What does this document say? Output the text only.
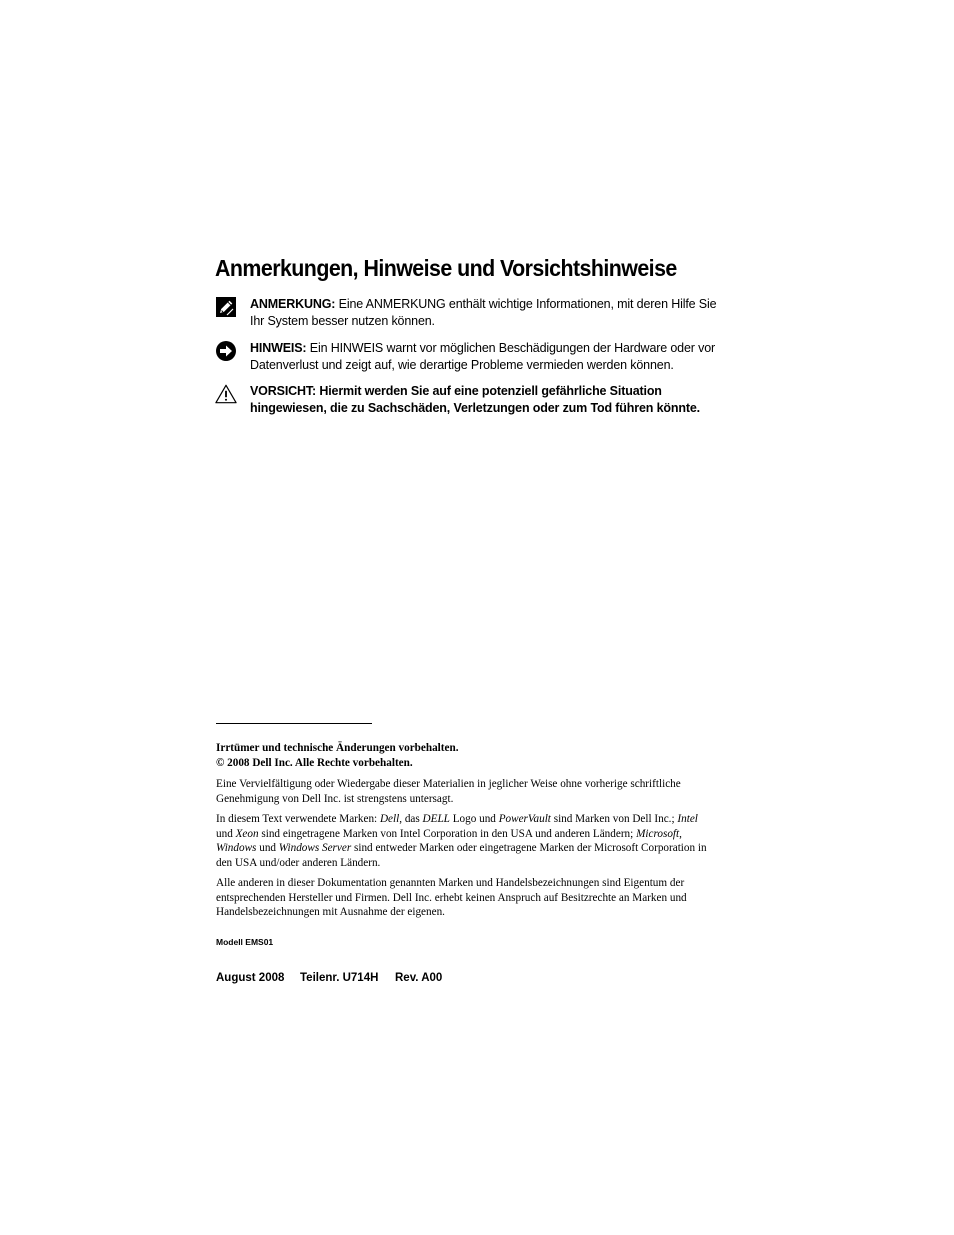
Anmerkungen, Hinweise und Vorsichtshinweise
ANMERKUNG: Eine ANMERKUNG enthält wichtige Informationen, mit deren Hilfe Sie Ihr System besser nutzen können.
HINWEIS: Ein HINWEIS warnt vor möglichen Beschädigungen der Hardware oder vor Datenverlust und zeigt auf, wie derartige Probleme vermieden werden können.
VORSICHT: Hiermit werden Sie auf eine potenziell gefährliche Situation hingewiesen, die zu Sachschäden, Verletzungen oder zum Tod führen könnte.
Irrtümer und technische Änderungen vorbehalten.
© 2008 Dell Inc. Alle Rechte vorbehalten.
Eine Vervielfältigung oder Wiedergabe dieser Materialien in jeglicher Weise ohne vorherige schriftliche Genehmigung von Dell Inc. ist strengstens untersagt.
In diesem Text verwendete Marken: Dell, das DELL Logo und PowerVault sind Marken von Dell Inc.; Intel und Xeon sind eingetragene Marken von Intel Corporation in den USA und anderen Ländern; Microsoft, Windows und Windows Server sind entweder Marken oder eingetragene Marken der Microsoft Corporation in den USA und/oder anderen Ländern.
Alle anderen in dieser Dokumentation genannten Marken und Handelsbezeichnungen sind Eigentum der entsprechenden Hersteller und Firmen. Dell Inc. erhebt keinen Anspruch auf Besitzrechte an Marken und Handelsbezeichnungen mit Ausnahme der eigenen.
Modell EMS01
August 2008 Teilenr. U714H Rev. A00
